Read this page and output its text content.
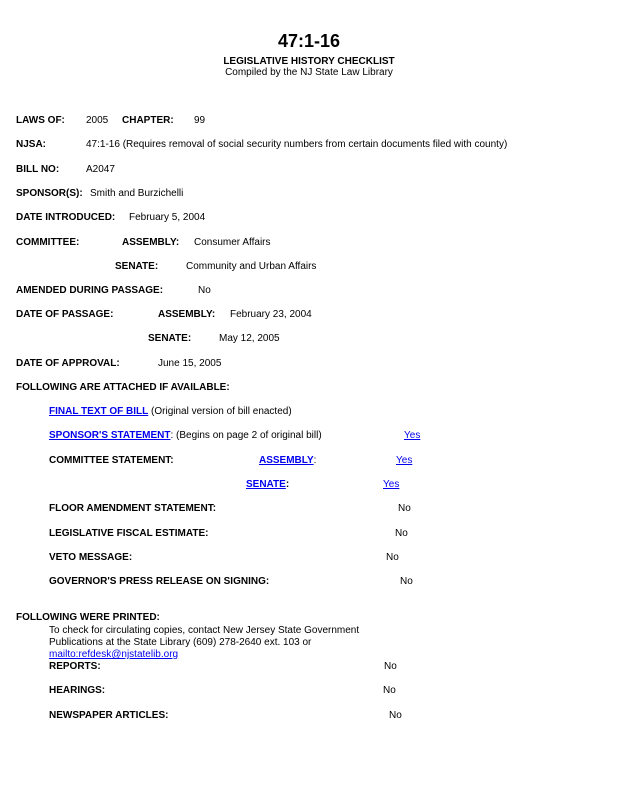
47:1-16
LEGISLATIVE HISTORY CHECKLIST
Compiled by the NJ State Law Library
LAWS OF: 2005 CHAPTER: 99
NJSA:	47:1-16 (Requires removal of social security numbers from certain documents filed with county)
BILL NO:	A2047
SPONSOR(S): Smith and Burzichelli
DATE INTRODUCED: February 5, 2004
COMMITTEE:	ASSEMBLY: Consumer Affairs
SENATE:	Community and Urban Affairs
AMENDED DURING PASSAGE:	No
DATE OF PASSAGE:	ASSEMBLY: February 23, 2004
SENATE:	May 12, 2005
DATE OF APPROVAL:	June 15, 2005
FOLLOWING ARE ATTACHED IF AVAILABLE:
FINAL TEXT OF BILL (Original version of bill enacted)
SPONSOR'S STATEMENT: (Begins on page 2 of original bill)	Yes
COMMITTEE STATEMENT:	ASSEMBLY:	Yes
SENATE:	Yes
FLOOR AMENDMENT STATEMENT:	No
LEGISLATIVE FISCAL ESTIMATE:	No
VETO MESSAGE:	No
GOVERNOR'S PRESS RELEASE ON SIGNING:	No
FOLLOWING WERE PRINTED:
To check for circulating copies, contact New Jersey State Government
Publications at the State Library (609) 278-2640 ext. 103 or
mailto:refdesk@njstatelib.org
REPORTS:	No
HEARINGS:	No
NEWSPAPER ARTICLES:	No
